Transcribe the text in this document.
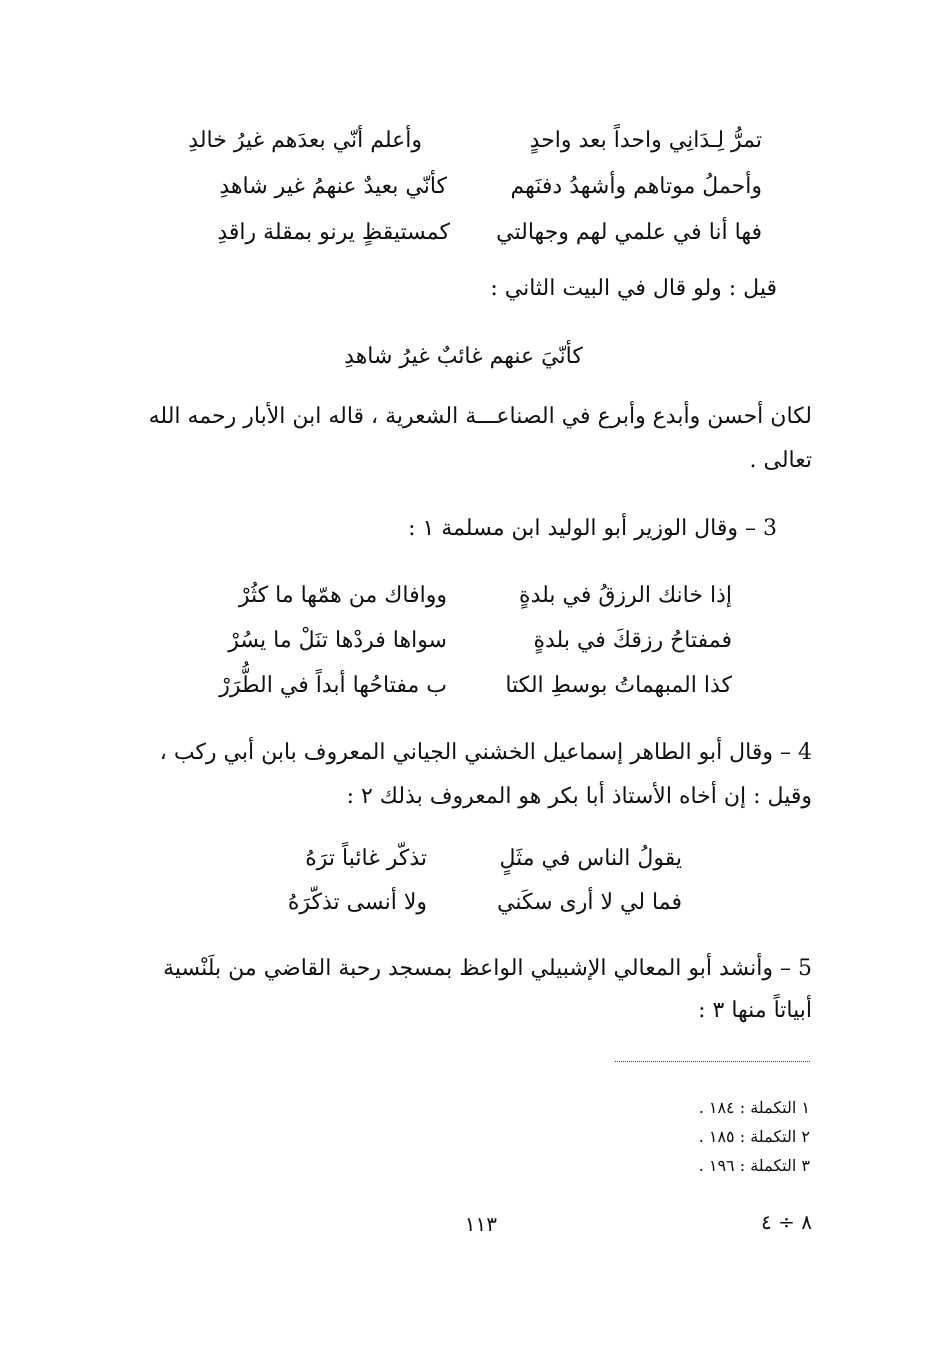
تمرُّ لِـدَانِي واحداً بعد واحدٍ
وأعلم أنّي بعدَهم غيرُ خالدِ
وأحملُ موتاهم وأشهدُ دفنَهم
كأنّي بعيدٌ عنهمُ غير شاهدِ
فها أنا في علمي لهم وجهالتي
كمستيقظٍ يرنو بمقلة راقدِ
قيل : ولو قال في البيت الثاني :
كأنّيَ عنهم غائبٌ غيرُ شاهدِ
لكان أحسن وأبدع وأبرع في الصناعـــة الشعرية ، قاله ابن الأبار رحمه الله
تعالى .
3 – وقال الوزير أبو الوليد ابن مسلمة ١ :
إذا خانك الرزقُ في بلدةٍ
ووافاك من همّها ما كثُرْ
فمفتاحُ رزقكَ في بلدةٍ
سواها فردْها تنَلْ ما يسُرْ
كذا المبهماتُ بوسطِ الكتا
ب مفتاحُها أبداً في الطُّرَرْ
4 – وقال أبو الطاهر إسماعيل الخشني الجياني المعروف بابن أبي ركب ،
وقيل : إن أخاه الأستاذ أبا بكر هو المعروف بذلك ٢ :
يقولُ الناس في مثَلٍ
تذكّر غائباً ترَهُ
فما لي لا أرى سكَني
ولا أنسى تذكّرَهُ
5 – وأنشد أبو المعالي الإشبيلي الواعظ بمسجد رحبة القاضي من بلَنْسية
أبياتاً منها ٣ :
١ التكملة : ١٨٤ .
٢ التكملة : ١٨٥ .
٣ التكملة : ١٩٦ .
١١٣	٨ ÷ ٤
